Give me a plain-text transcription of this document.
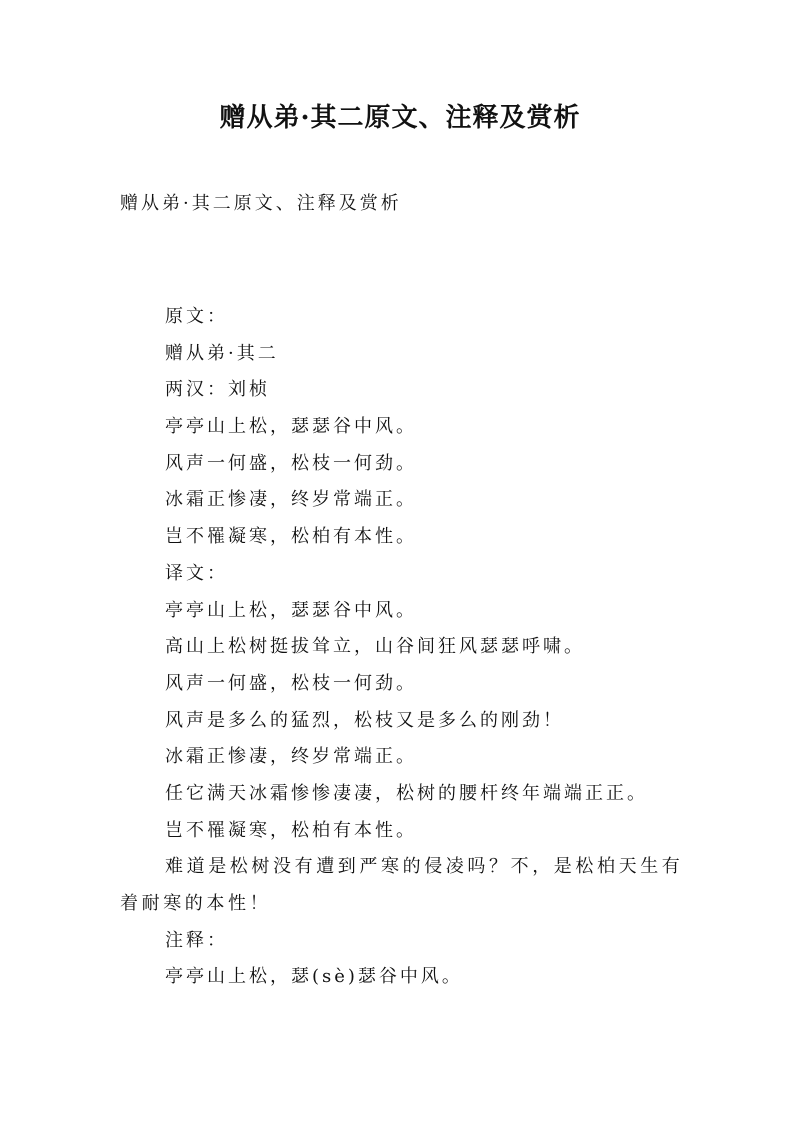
赠从弟·其二原文、注释及赏析

赠从弟·其二原文、注释及赏析

原文：
赠从弟·其二
两汉：刘桢
亭亭山上松，瑟瑟谷中风。
风声一何盛，松枝一何劲。
冰霜正惨凄，终岁常端正。
岂不罹凝寒，松柏有本性。
译文：
亭亭山上松，瑟瑟谷中风。
高山上松树挺拔耸立，山谷间狂风瑟瑟呼啸。
风声一何盛，松枝一何劲。
风声是多么的猛烈，松枝又是多么的刚劲！
冰霜正惨凄，终岁常端正。
任它满天冰霜惨惨凄凄，松树的腰杆终年端端正正。
岂不罹凝寒，松柏有本性。
难道是松树没有遭到严寒的侵凌吗？不，是松柏天生有着耐寒的本性！
注释：
亭亭山上松，瑟(sè)瑟谷中风。
